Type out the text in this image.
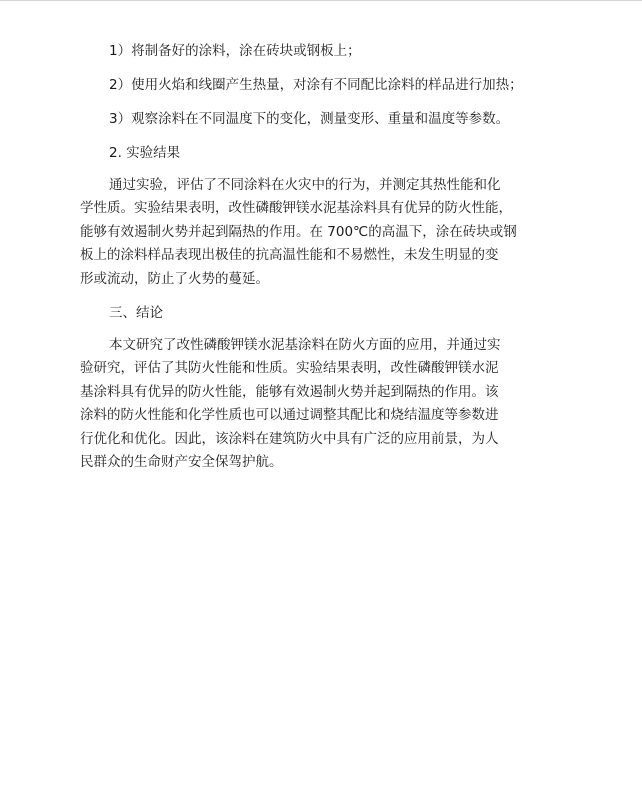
1）将制备好的涂料，涂在砖块或钢板上；

2）使用火焰和线圈产生热量，对涂有不同配比涂料的样品进行加热；

3）观察涂料在不同温度下的变化，测量变形、重量和温度等参数。

2. 实验结果

通过实验，评估了不同涂料在火灾中的行为，并测定其热性能和化
学性质。实验结果表明，改性磷酸钾镁水泥基涂料具有优异的防火性能，
能够有效遏制火势并起到隔热的作用。在 700℃的高温下，涂在砖块或钢
板上的涂料样品表现出极佳的抗高温性能和不易燃性，未发生明显的变
形或流动，防止了火势的蔓延。

三、结论

本文研究了改性磷酸钾镁水泥基涂料在防火方面的应用，并通过实
验研究，评估了其防火性能和性质。实验结果表明，改性磷酸钾镁水泥
基涂料具有优异的防火性能，能够有效遏制火势并起到隔热的作用。该
涂料的防火性能和化学性质也可以通过调整其配比和烧结温度等参数进
行优化和优化。因此，该涂料在建筑防火中具有广泛的应用前景，为人
民群众的生命财产安全保驾护航。
